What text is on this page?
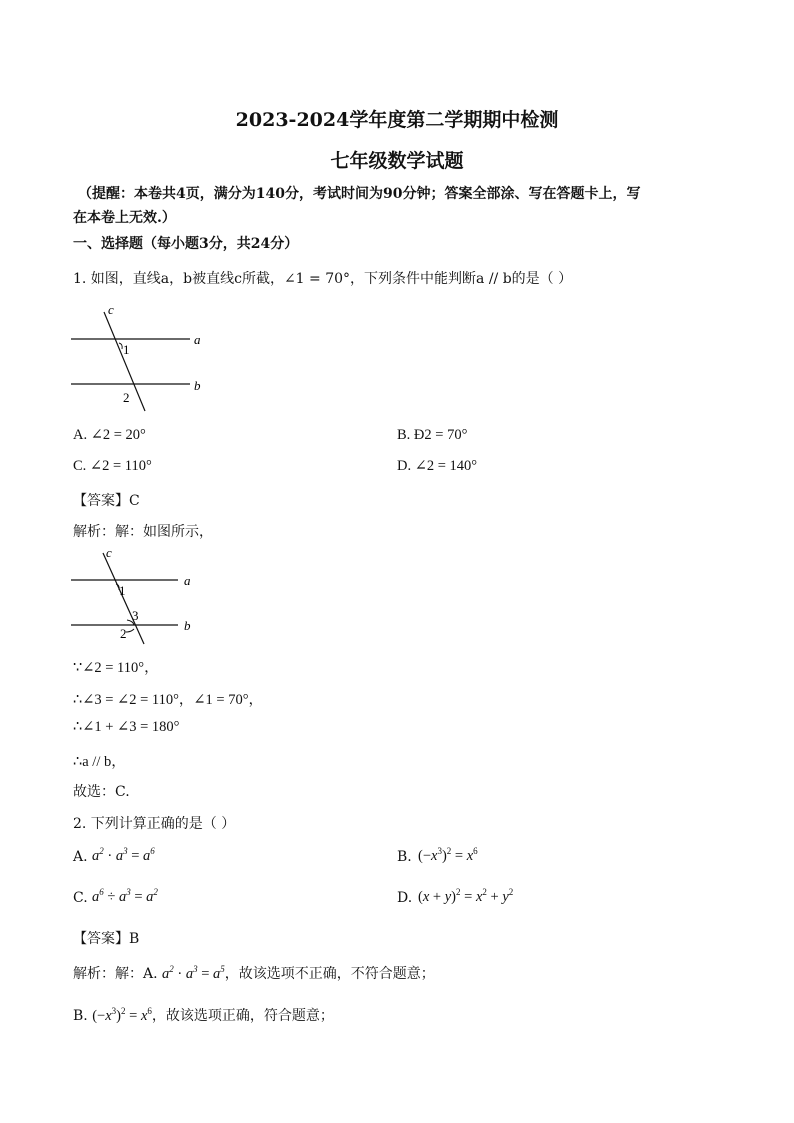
2023-2024学年度第二学期期中检测
七年级数学试题
（提醒：本卷共4页，满分为140分，考试时间为90分钟；答案全部涂、写在答题卡上，写
在本卷上无效.）
一、选择题（每小题3分，共24分）
1. 如图，直线a，b被直线c所截，∠1 = 70°，下列条件中能判断a // b的是（ ）
c
a
b
1
2
A. ∠2 = 20°	B. Ð2 = 70°
C. ∠2 = 110°	D. ∠2 = 140°
【答案】C
解析：解：如图所示，
c
a
b
1
3
2
∵∠2 = 110°，
∴∠3 = ∠2 = 110°，∠1 = 70°，
∴∠1 + ∠3 = 180°
∴a // b，
故选：C.
2. 下列计算正确的是（ ）
A. $a^2 \cdot a^3 = a^6$	B. $(-x^3)^2 = x^6$
C. $a^6 \div a^3 = a^2$	D. $(x + y)^2 = x^2 + y^2$
【答案】B
解析：解：A. $a^2 \cdot a^3 = a^5$，故该选项不正确，不符合题意；
B. $(-x^3)^2 = x^6$，故该选项正确，符合题意；
